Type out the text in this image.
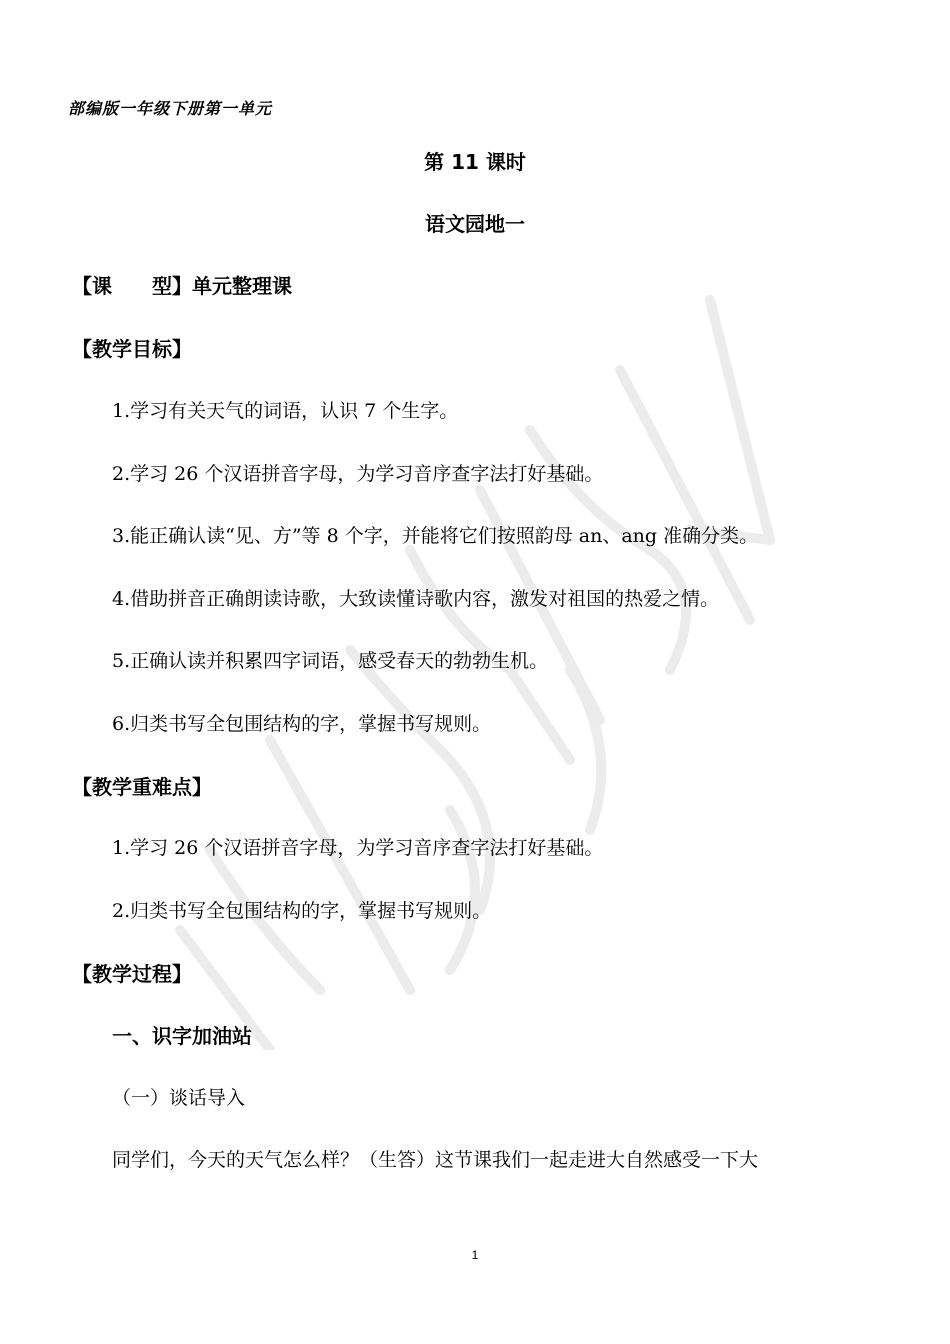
部编版一年级下册第一单元
第 11 课时
语文园地一
【课　　型】单元整理课
【教学目标】
1.学习有关天气的词语，认识 7 个生字。
2.学习 26 个汉语拼音字母，为学习音序查字法打好基础。
3.能正确认读“见、方”等 8 个字，并能将它们按照韵母 an、ang 准确分类。
4.借助拼音正确朗读诗歌，大致读懂诗歌内容，激发对祖国的热爱之情。
5.正确认读并积累四字词语，感受春天的勃勃生机。
6.归类书写全包围结构的字，掌握书写规则。
【教学重难点】
1.学习 26 个汉语拼音字母，为学习音序查字法打好基础。
2.归类书写全包围结构的字，掌握书写规则。
【教学过程】
一、识字加油站
（一）谈话导入
同学们，今天的天气怎么样？（生答）这节课我们一起走进大自然感受一下大
1
